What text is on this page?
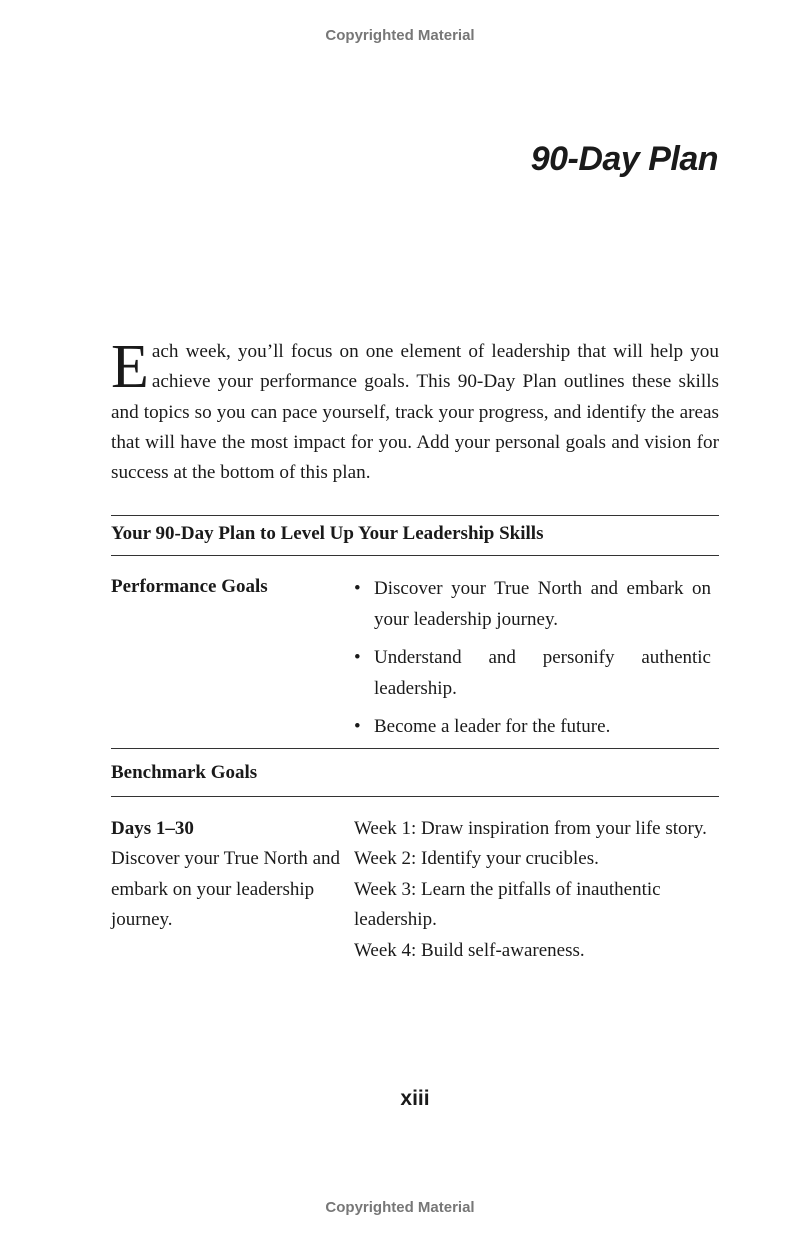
Copyrighted Material
90-Day Plan
Each week, you’ll focus on one element of leadership that will help you achieve your performance goals. This 90-Day Plan outlines these skills and topics so you can pace yourself, track your progress, and identify the areas that will have the most impact for you. Add your personal goals and vision for success at the bottom of this plan.
Your 90-Day Plan to Level Up Your Leadership Skills
Performance Goals	• Discover your True North and embark on your leadership journey.
• Understand and personify authentic leadership.
• Become a leader for the future.
Benchmark Goals
Days 1–30
Discover your True North and embark on your leadership journey.
Week 1: Draw inspiration from your life story.
Week 2: Identify your crucibles.
Week 3: Learn the pitfalls of inauthentic leadership.
Week 4: Build self-awareness.
xiii
Copyrighted Material
